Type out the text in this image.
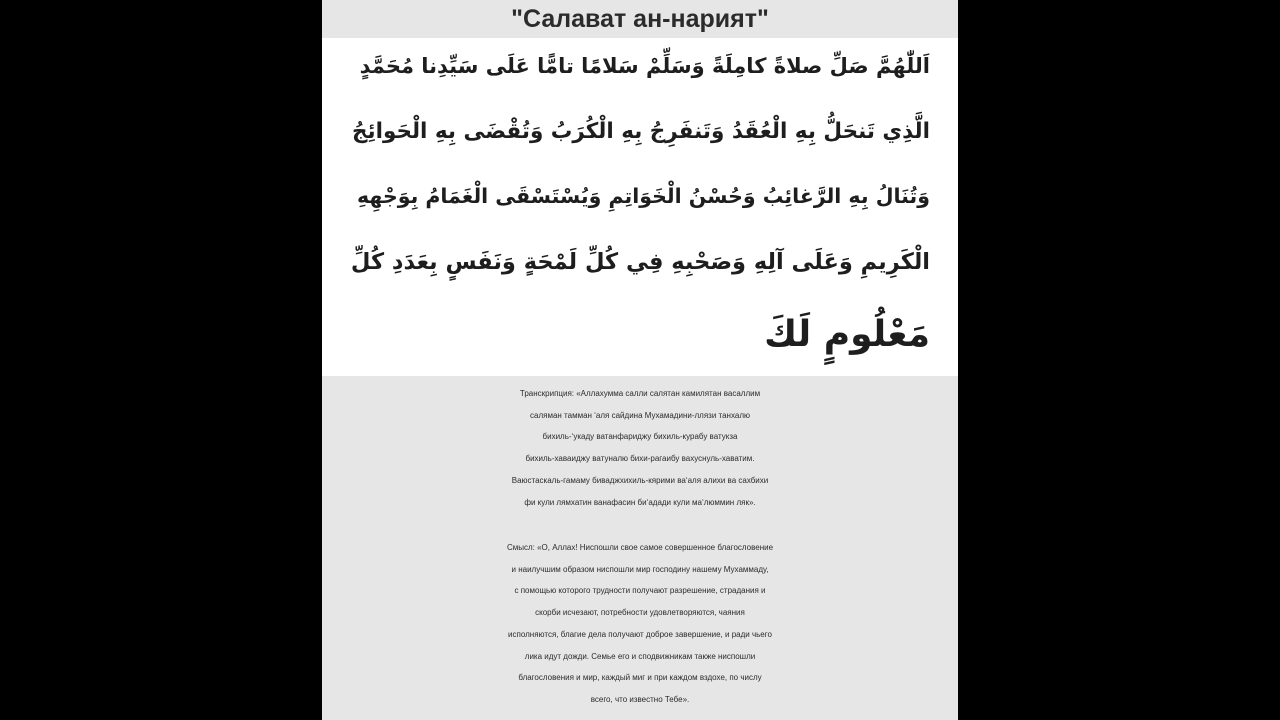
"Салават ан-нарият"
اَللّٰهُمَّ صَلِّ صلاةً كامِلَةً وَسَلِّمْ سَلامًا تامًّا عَلَى سَيِّدِنا مُحَمَّدٍ
الَّذِي تَنحَلُّ بِهِ الْعُقَدُ وَتَنفَرِجُ بِهِ الْكُرَبُ وَتُقْضَى بِهِ الْحَوائِجُ
وَتُنَالُ بِهِ الرَّغائِبُ وَحُسْنُ الْخَوَاتِمِ وَيُسْتَسْقَى الْغَمَامُ بِوَجْهِهِ
الْكَرِيمِ وَعَلَى آلِهِ وَصَحْبِهِ فِي كُلِّ لَمْحَةٍ وَنَفَسٍ بِعَدَدِ كُلِّ
مَعْلُومٍ لَكَ
Транскрипция: «Аллахумма салли салятан камилятан васаллим
саляман тамман ‘аля сайдина Мухамадини-ллязи танхалю
бихиль-‘укаду ватанфариджу бихиль-курабу ватукза
бихиль-хаваиджу ватуналю бихи-рагаибу вахуснуль-хаватим.
Ваюстаскаль-гамаму биваджхихиль-кярими ва‘аля алихи ва сахбихи
фи кули лямхатин ванафасин би‘адади кули ма‘люммин ляк».
Смысл: «О, Аллах! Ниспошли свое самое совершенное благословение
и наилучшим образом ниспошли мир господину нашему Мухаммаду,
с помощью которого трудности получают разрешение, страдания и
скорби исчезают, потребности удовлетворяются, чаяния
исполняются, благие дела получают доброе завершение, и ради чьего
лика идут дожди. Семье его и сподвижникам также ниспошли
благословения и мир, каждый миг и при каждом вздохе, по числу
всего, что известно Тебе».
